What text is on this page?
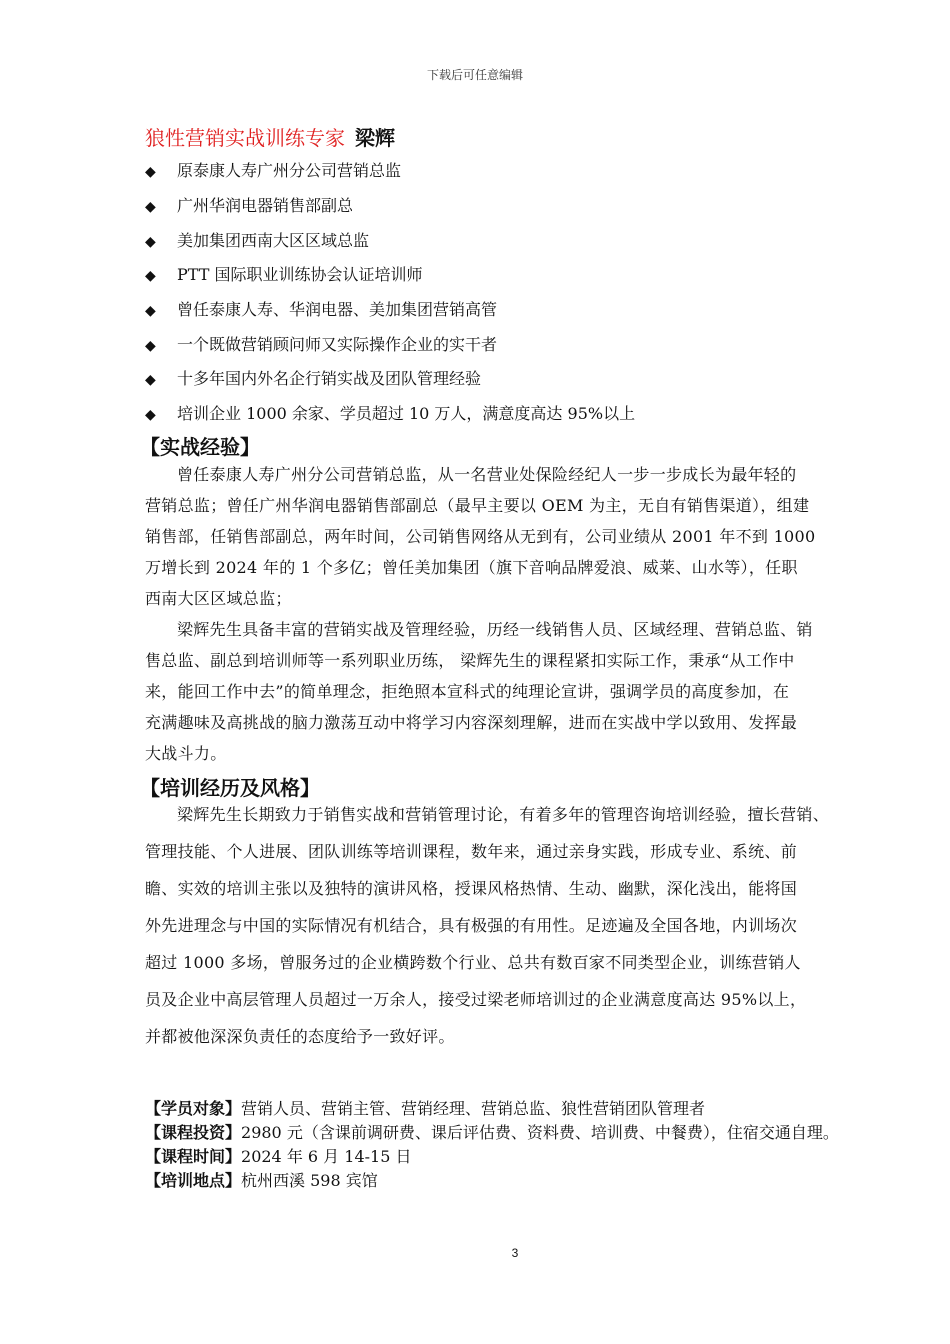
下载后可任意编辑
狼性营销实战训练专家 梁辉
◆ 原泰康人寿广州分公司营销总监
◆ 广州华润电器销售部副总
◆ 美加集团西南大区区域总监
◆ PTT 国际职业训练协会认证培训师
◆ 曾任泰康人寿、华润电器、美加集团营销高管
◆ 一个既做营销顾问师又实际操作企业的实干者
◆ 十多年国内外名企行销实战及团队管理经验
◆ 培训企业 1000 余家、学员超过 10 万人，满意度高达 95%以上
【实战经验】
曾任泰康人寿广州分公司营销总监，从一名营业处保险经纪人一步一步成长为最年轻的
营销总监；曾任广州华润电器销售部副总（最早主要以 OEM 为主，无自有销售渠道），组建
销售部，任销售部副总，两年时间，公司销售网络从无到有，公司业绩从 2001 年不到 1000
万增长到 2024 年的 1 个多亿；曾任美加集团（旗下音响品牌爱浪、威莱、山水等），任职
西南大区区域总监；
梁辉先生具备丰富的营销实战及管理经验，历经一线销售人员、区域经理、营销总监、销
售总监、副总到培训师等一系列职业历练， 梁辉先生的课程紧扣实际工作，秉承“从工作中
来，能回工作中去”的简单理念，拒绝照本宣科式的纯理论宣讲，强调学员的高度参加，在
充满趣味及高挑战的脑力激荡互动中将学习内容深刻理解，进而在实战中学以致用、发挥最
大战斗力。
【培训经历及风格】
梁辉先生长期致力于销售实战和营销管理讨论，有着多年的管理咨询培训经验，擅长营销、
管理技能、个人进展、团队训练等培训课程，数年来，通过亲身实践，形成专业、系统、前
瞻、实效的培训主张以及独特的演讲风格，授课风格热情、生动、幽默，深化浅出，能将国
外先进理念与中国的实际情况有机结合，具有极强的有用性。足迹遍及全国各地，内训场次
超过 1000 多场，曾服务过的企业横跨数个行业、总共有数百家不同类型企业，训练营销人
员及企业中高层管理人员超过一万余人，接受过梁老师培训过的企业满意度高达 95%以上，
并都被他深深负责任的态度给予一致好评。
【学员对象】营销人员、营销主管、营销经理、营销总监、狼性营销团队管理者
【课程投资】2980 元（含课前调研费、课后评估费、资料费、培训费、中餐费），住宿交通自理。
【课程时间】2024 年 6 月 14-15 日
【培训地点】杭州西溪 598 宾馆
3
